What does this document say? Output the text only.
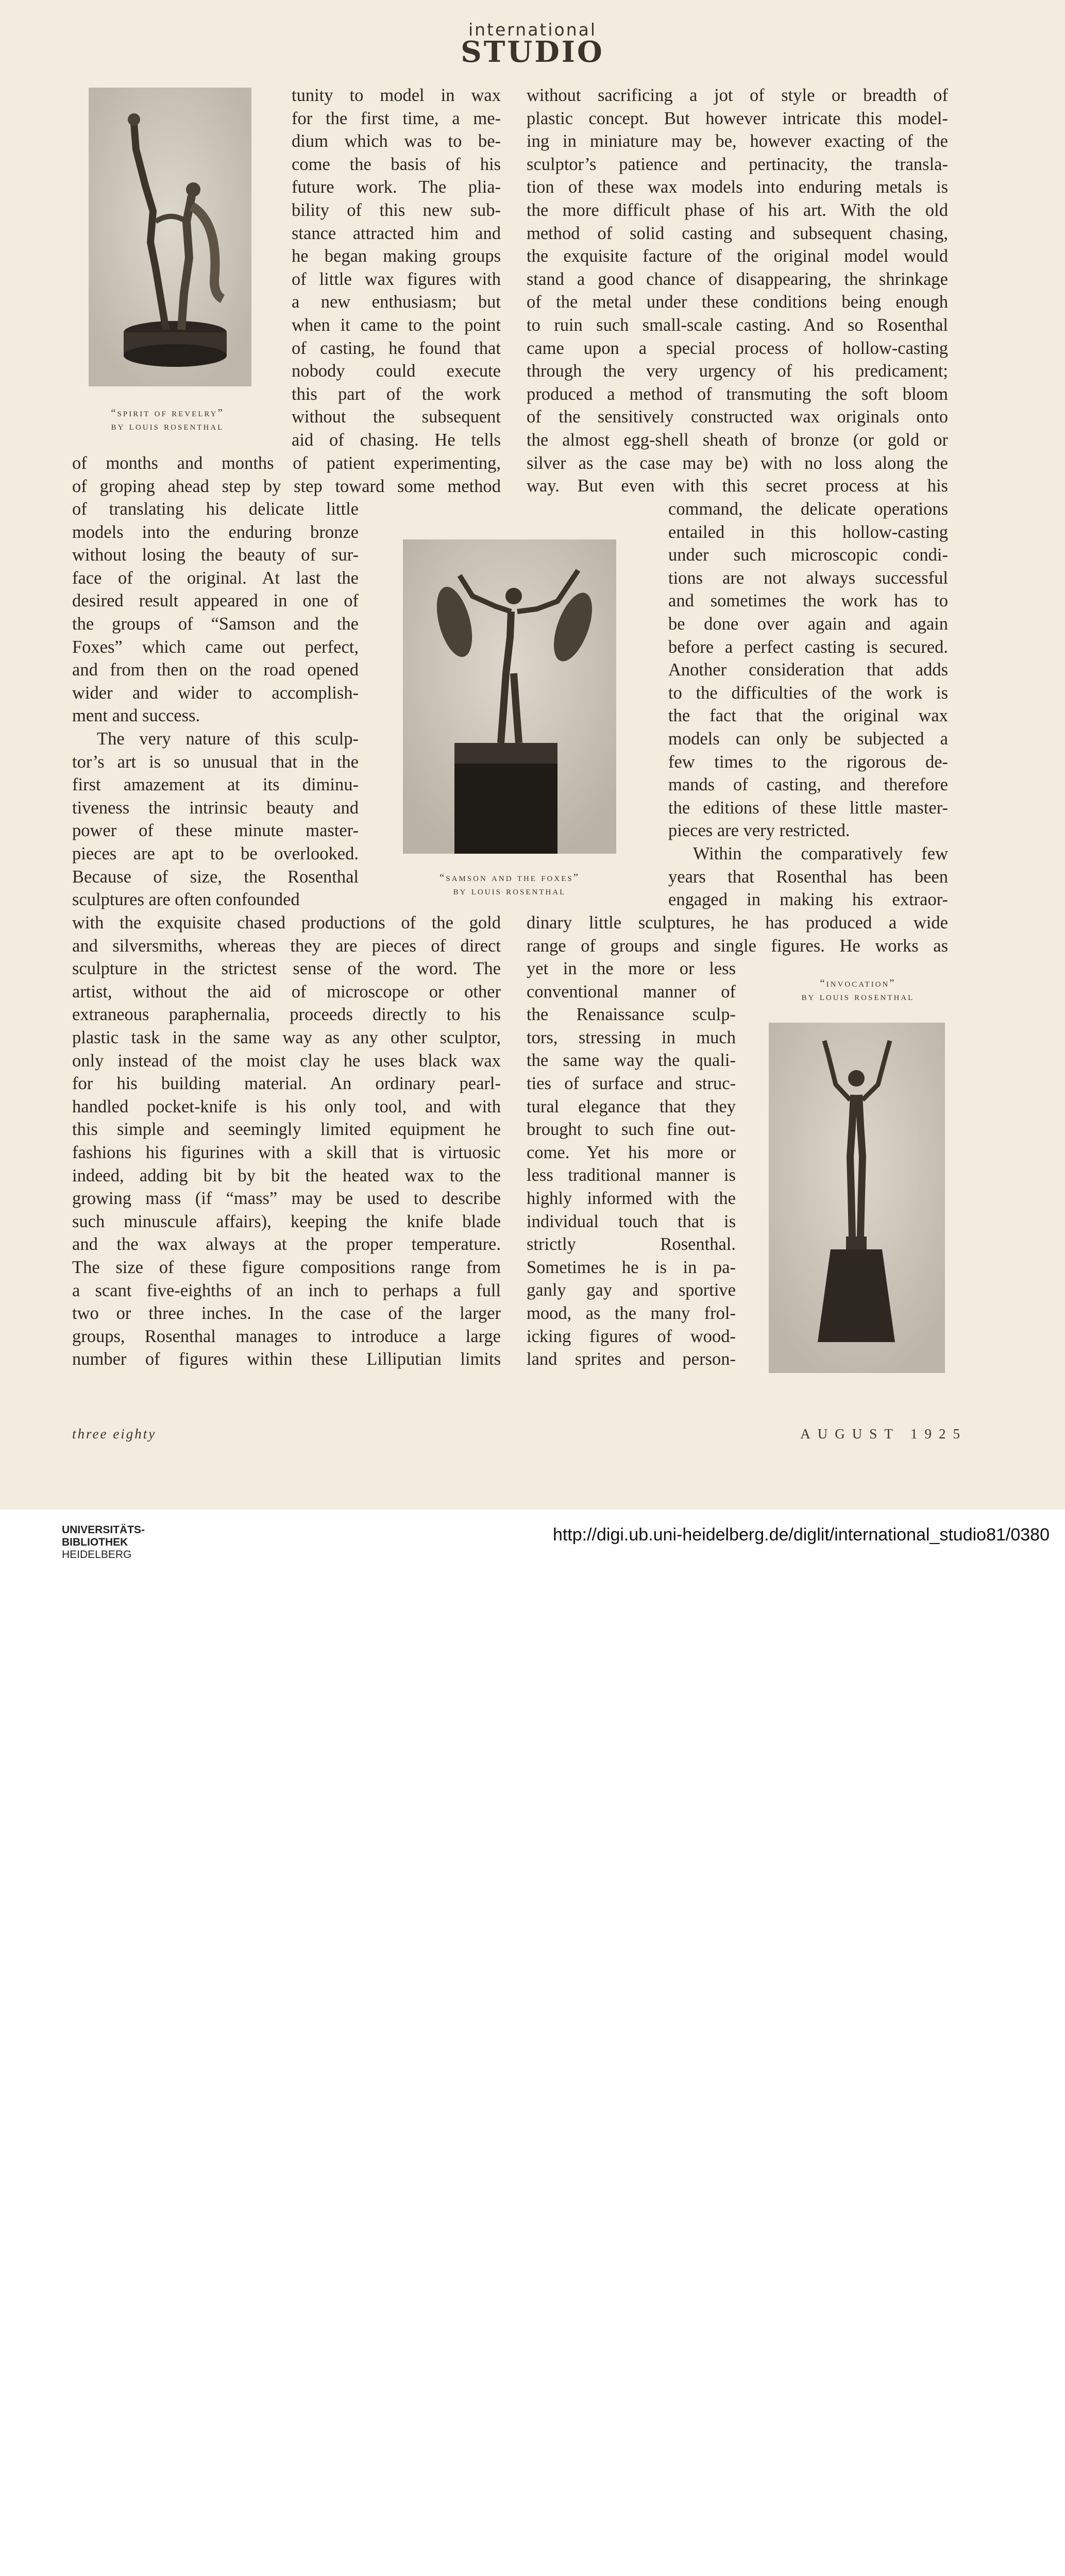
international
STUDIO
“spirit of revelry”
by louis rosenthal
tunity to model in wax
for the first time, a me-
dium which was to be-
come the basis of his
future work. The plia-
bility of this new sub-
stance attracted him and
he began making groups
of little wax figures with
a new enthusiasm; but
when it came to the point
of casting, he found that
nobody could execute
this part of the work
without the subsequent
aid of chasing. He tells
of months and months of patient experimenting,
of groping ahead step by step toward some method
of translating his delicate little
models into the enduring bronze
without losing the beauty of sur-
face of the original. At last the
desired result appeared in one of
the groups of “Samson and the
Foxes” which came out perfect,
and from then on the road opened
wider and wider to accomplish-
ment and success.
The very nature of this sculp-
tor’s art is so unusual that in the
first amazement at its diminu-
tiveness the intrinsic beauty and
power of these minute master-
pieces are apt to be overlooked.
Because of size, the Rosenthal
sculptures are often confounded
“samson and the foxes”
by louis rosenthal
with the exquisite chased productions of the gold
and silversmiths, whereas they are pieces of direct
sculpture in the strictest sense of the word. The
artist, without the aid of microscope or other
extraneous paraphernalia, proceeds directly to his
plastic task in the same way as any other sculptor,
only instead of the moist clay he uses black wax
for his building material. An ordinary pearl-
handled pocket-knife is his only tool, and with
this simple and seemingly limited equipment he
fashions his figurines with a skill that is virtuosic
indeed, adding bit by bit the heated wax to the
growing mass (if “mass” may be used to describe
such minuscule affairs), keeping the knife blade
and the wax always at the proper temperature.
The size of these figure compositions range from
a scant five-eighths of an inch to perhaps a full
two or three inches. In the case of the larger
groups, Rosenthal manages to introduce a large
number of figures within these Lilliputian limits
without sacrificing a jot of style or breadth of
plastic concept. But however intricate this model-
ing in miniature may be, however exacting of the
sculptor’s patience and pertinacity, the transla-
tion of these wax models into enduring metals is
the more difficult phase of his art. With the old
method of solid casting and subsequent chasing,
the exquisite facture of the original model would
stand a good chance of disappearing, the shrinkage
of the metal under these conditions being enough
to ruin such small-scale casting. And so Rosenthal
came upon a special process of hollow-casting
through the very urgency of his predicament;
produced a method of transmuting the soft bloom
of the sensitively constructed wax originals onto
the almost egg-shell sheath of bronze (or gold or
silver as the case may be) with no loss along the
way. But even with this secret process at his
command, the delicate operations
entailed in this hollow-casting
under such microscopic condi-
tions are not always successful
and sometimes the work has to
be done over again and again
before a perfect casting is secured.
Another consideration that adds
to the difficulties of the work is
the fact that the original wax
models can only be subjected a
few times to the rigorous de-
mands of casting, and therefore
the editions of these little master-
pieces are very restricted.
Within the comparatively few
years that Rosenthal has been
engaged in making his extraor-
dinary little sculptures, he has produced a wide
range of groups and single figures. He works as
yet in the more or less
conventional manner of
the Renaissance sculp-
tors, stressing in much
the same way the quali-
ties of surface and struc-
tural elegance that they
brought to such fine out-
come. Yet his more or
less traditional manner is
highly informed with the
individual touch that is
strictly Rosenthal.
Sometimes he is in pa-
ganly gay and sportive
mood, as the many frol-
icking figures of wood-
land sprites and person-
“invocation”
by louis rosenthal
three eighty	AUGUST 1925
UNIVERSITÄTS-
BIBLIOTHEK
HEIDELBERG
http://digi.ub.uni-heidelberg.de/diglit/international_studio81/0380
